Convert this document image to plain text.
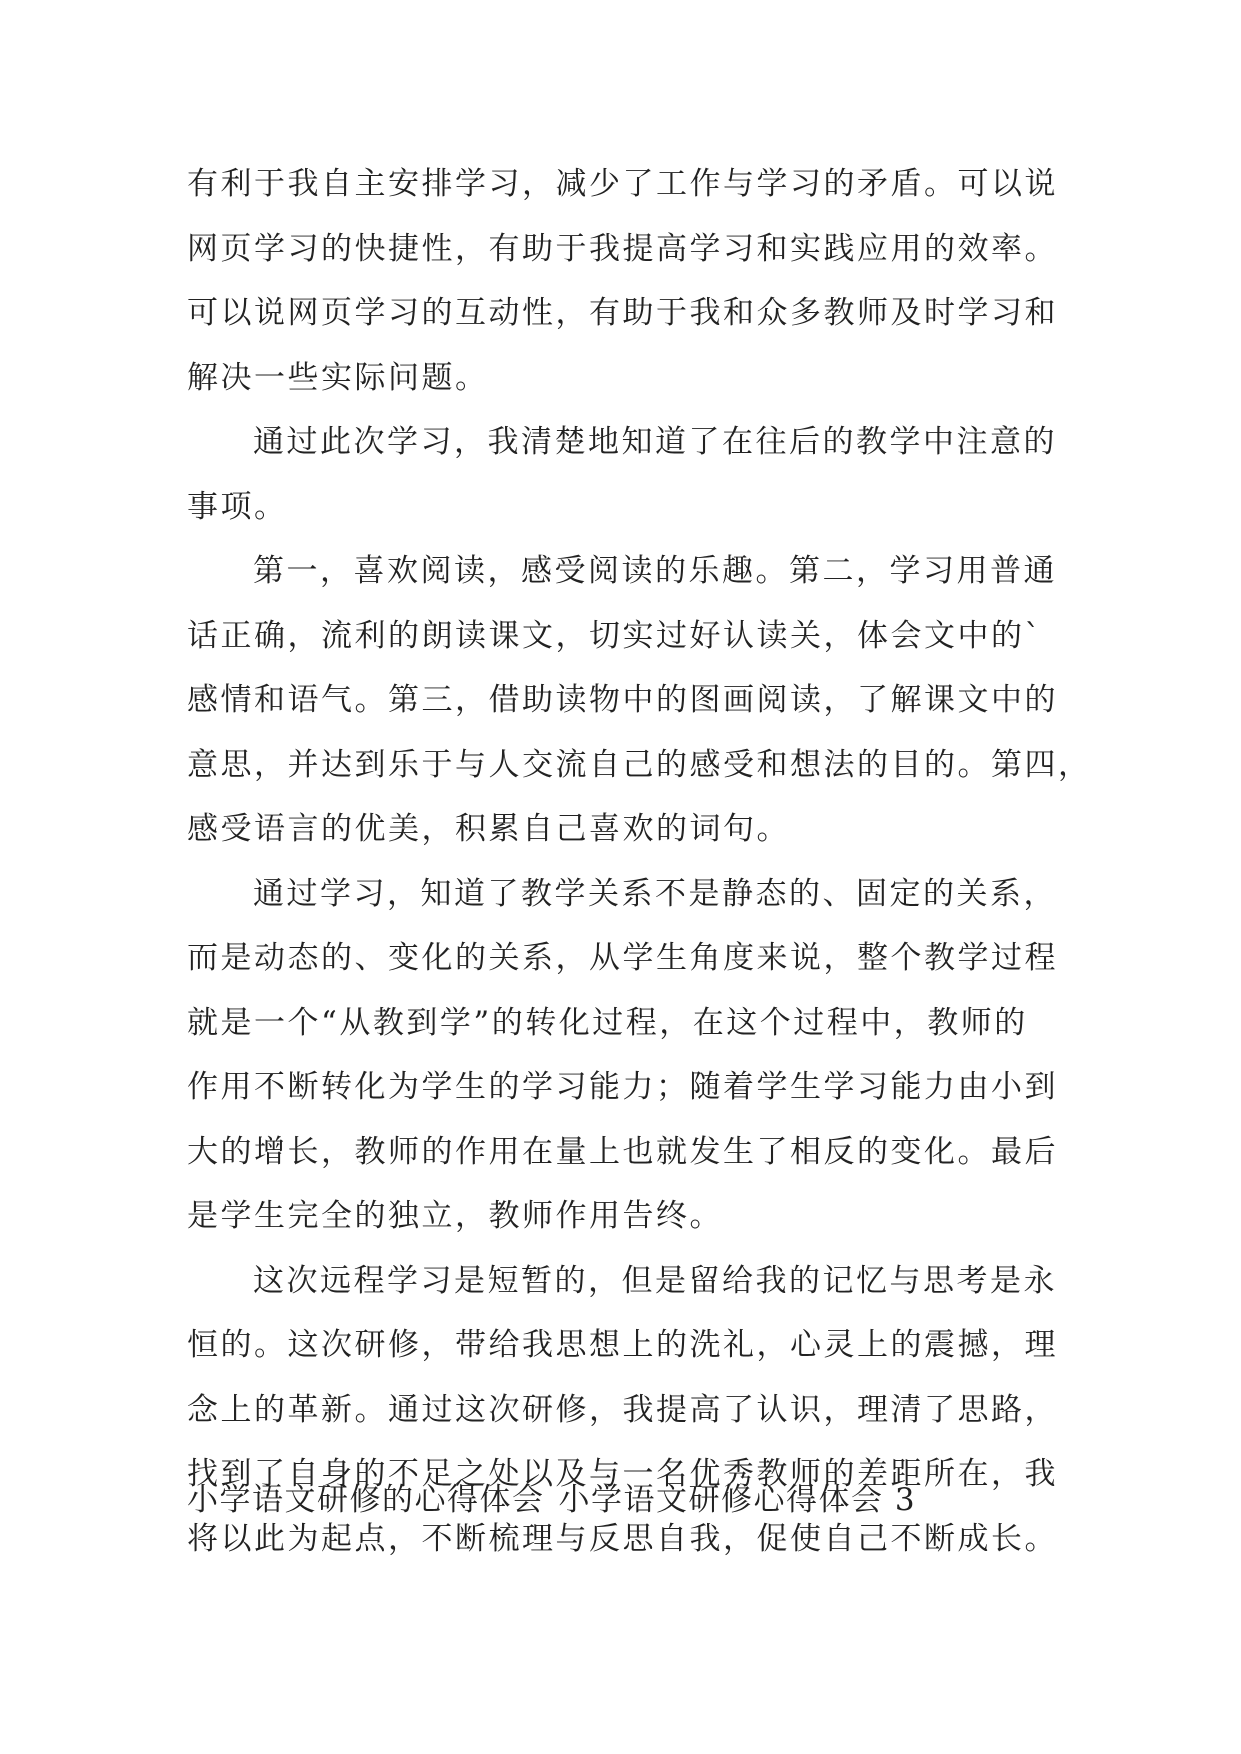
有利于我自主安排学习，减少了工作与学习的矛盾。可以说
网页学习的快捷性，有助于我提高学习和实践应用的效率。
可以说网页学习的互动性，有助于我和众多教师及时学习和
解决一些实际问题。

通过此次学习，我清楚地知道了在往后的教学中注意的
事项。

第一，喜欢阅读，感受阅读的乐趣。第二，学习用普通
话正确，流利的朗读课文，切实过好认读关，体会文中的`
感情和语气。第三，借助读物中的图画阅读，了解课文中的
意思，并达到乐于与人交流自己的感受和想法的目的。第四，
感受语言的优美，积累自己喜欢的词句。

通过学习，知道了教学关系不是静态的、固定的关系，
而是动态的、变化的关系，从学生角度来说，整个教学过程
就是一个“从教到学”的转化过程，在这个过程中，教师的
作用不断转化为学生的学习能力；随着学生学习能力由小到
大的增长，教师的作用在量上也就发生了相反的变化。最后
是学生完全的独立，教师作用告终。

这次远程学习是短暂的，但是留给我的记忆与思考是永
恒的。这次研修，带给我思想上的洗礼，心灵上的震撼，理
念上的革新。通过这次研修，我提高了认识，理清了思路，
找到了自身的不足之处以及与一名优秀教师的差距所在，我
将以此为起点，不断梳理与反思自我，促使自己不断成长。

小学语文研修的心得体会 小学语文研修心得体会 3
